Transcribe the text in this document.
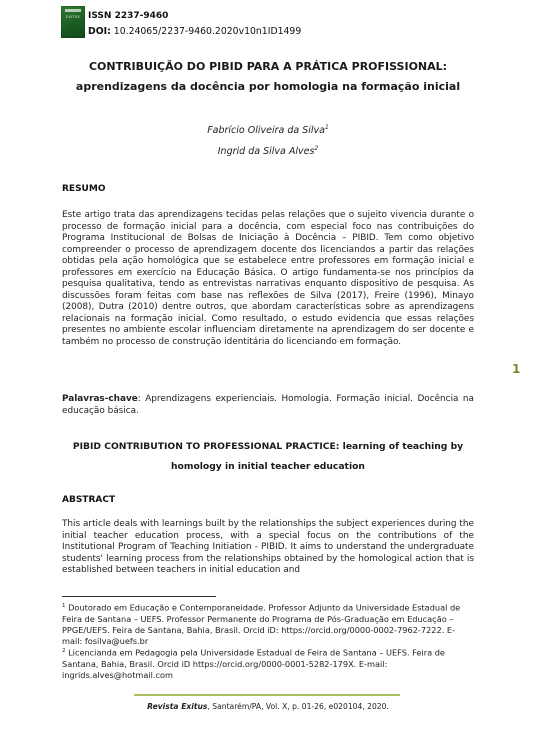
EXITUS ISSN 2237-9460
DOI: 10.24065/2237-9460.2020v10n1ID1499
CONTRIBUIÇÃO DO PIBID PARA A PRÁTICA PROFISSIONAL:
aprendizagens da docência por homologia na formação inicial
Fabrício Oliveira da Silva$^1$
Ingrid da Silva Alves$^2$
RESUMO
Este artigo trata das aprendizagens tecidas pelas relações que o sujeito vivencia durante o processo de formação inicial para a docência, com especial foco nas contribuições do Programa Institucional de Bolsas de Iniciação à Docência – PIBID. Tem como objetivo compreender o processo de aprendizagem docente dos licenciandos a partir das relações obtidas pela ação homológica que se estabelece entre professores em formação inicial e professores em exercício na Educação Básica. O artigo fundamenta-se nos princípios da pesquisa qualitativa, tendo as entrevistas narrativas enquanto dispositivo de pesquisa. As discussões foram feitas com base nas reflexões de Silva (2017), Freire (1996), Minayo (2008), Dutra (2010) dentre outros, que abordam características sobre as aprendizagens relacionais na formação inicial. Como resultado, o estudo evidencia que essas relações presentes no ambiente escolar influenciam diretamente na aprendizagem do ser docente e também no processo de construção identitária do licenciando em formação.
Palavras-chave: Aprendizagens experienciais. Homologia. Formação inicial. Docência na educação básica.
PIBID CONTRIBUTION TO PROFESSIONAL PRACTICE: learning of teaching by
homology in initial teacher education
ABSTRACT
This article deals with learnings built by the relationships the subject experiences during the initial teacher education process, with a special focus on the contributions of the Institutional Program of Teaching Initiation - PIBID. It aims to understand the undergraduate students' learning process from the relationships obtained by the homological action that is established between teachers in initial education and
1
$^1$ Doutorado em Educação e Contemporaneidade. Professor Adjunto da Universidade Estadual de Feira de Santana – UEFS. Professor Permanente do Programa de Pós-Graduação em Educação – PPGE/UEFS. Feira de Santana, Bahia, Brasil. Orcid iD: https://orcid.org/0000-0002-7962-7222. E-mail: fosilva@uefs.br
$^2$ Licencianda em Pedagogia pela Universidade Estadual de Feira de Santana – UEFS. Feira de Santana, Bahia, Brasil. Orcid iD https://orcid.org/0000-0001-5282-179X. E-mail: ingrids.alves@hotmail.com
Revista Exitus, Santarém/PA, Vol. X, p. 01-26, e020104, 2020.
